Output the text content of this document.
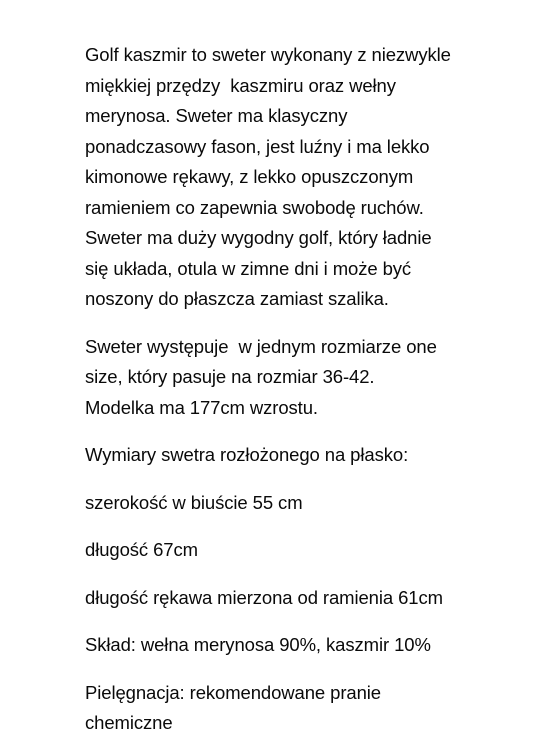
Golf kaszmir to sweter wykonany z niezwykle
miękkiej przędzy  kaszmiru oraz wełny
merynosa. Sweter ma klasyczny
ponadczasowy fason, jest luźny i ma lekko
kimonowe rękawy, z lekko opuszczonym
ramieniem co zapewnia swobodę ruchów.
Sweter ma duży wygodny golf, który ładnie
się układa, otula w zimne dni i może być
noszony do płaszcza zamiast szalika.

Sweter występuje  w jednym rozmiarze one
size, który pasuje na rozmiar 36-42.
Modelka ma 177cm wzrostu.

Wymiary swetra rozłożonego na płasko:

szerokość w biuście 55 cm

długość 67cm

długość rękawa mierzona od ramienia 61cm

Skład: wełna merynosa 90%, kaszmir 10%

Pielęgnacja: rekomendowane pranie
chemiczne
